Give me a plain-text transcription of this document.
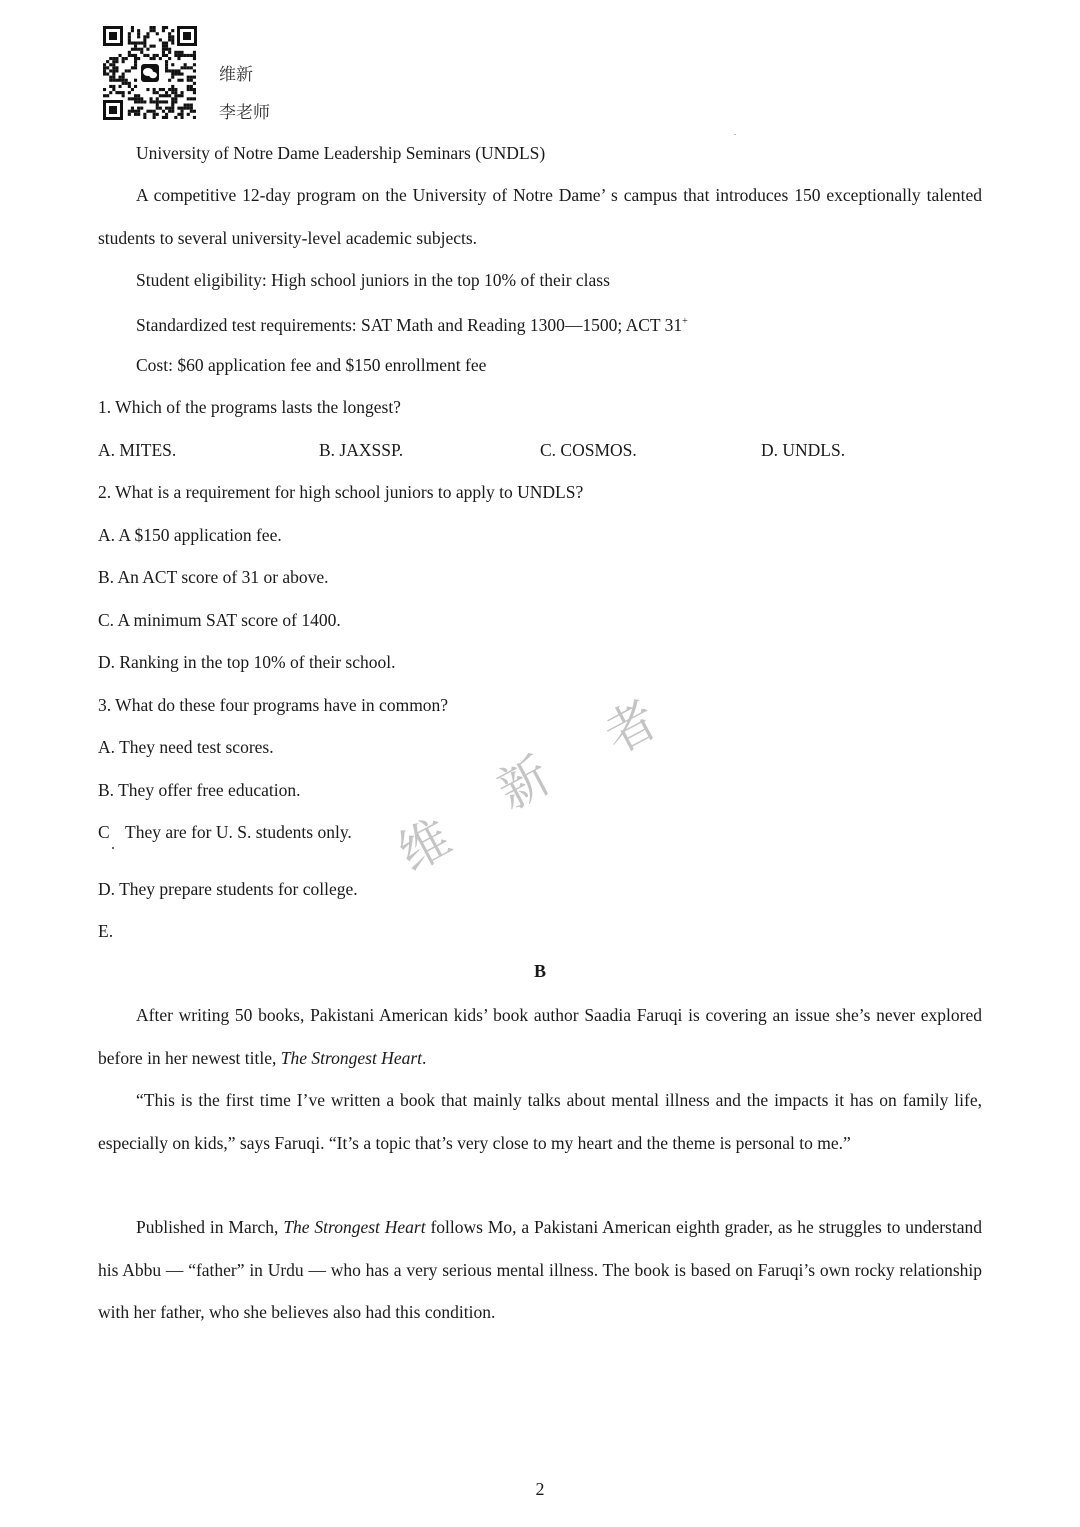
维新
李老师
University of Notre Dame Leadership Seminars (UNDLS)
A competitive 12-day program on the University of Notre Dame’ s campus that introduces 150 exceptionally talented students to several university-level academic subjects.
Student eligibility: High school juniors in the top 10% of their class
Standardized test requirements: SAT Math and Reading 1300—1500; ACT 31+
Cost: $60 application fee and $150 enrollment fee
1. Which of the programs lasts the longest?
A. MITES.	B. JAXSSP.	C. COSMOS.	D. UNDLS.
2. What is a requirement for high school juniors to apply to UNDLS?
A. A $150 application fee.
B. An ACT score of 31 or above.
C. A minimum SAT score of 1400.
D. Ranking in the top 10% of their school.
3. What do these four programs have in common?
A. They need test scores.
B. They offer free education.
C They are for U. S. students only.
D. They prepare students for college.
E.
维
新
者
B
After writing 50 books, Pakistani American kids’ book author Saadia Faruqi is covering an issue she’s never explored before in her newest title, The Strongest Heart.
“This is the first time I’ve written a book that mainly talks about mental illness and the impacts it has on family life, especially on kids,” says Faruqi. “It’s a topic that’s very close to my heart and the theme is personal to me.”
Published in March, The Strongest Heart follows Mo, a Pakistani American eighth grader, as he struggles to understand his Abbu — “father” in Urdu — who has a very serious mental illness. The book is based on Faruqi’s own rocky relationship with her father, who she believes also had this condition.
2
